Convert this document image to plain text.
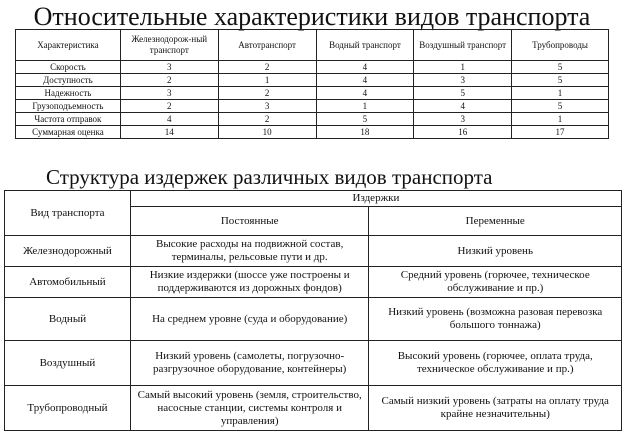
Относительные характеристики видов транспорта
Характеристика	Железнодорож-ный транспорт	Автотранспорт	Водный транспорт	Воздушный транспорт	Трубопроводы
Скорость	3	2	4	1	5
Доступность	2	1	4	3	5
Надежность	3	2	4	5	1
Грузоподъемность	2	3	1	4	5
Частота отправок	4	2	5	3	1
Суммарная оценка	14	10	18	16	17
Структура издержек различных видов транспорта
Вид транспорта	Издержки	
	Постоянные	Переменные
Железнодорожный	Высокие расходы на подвижной состав, терминалы, рельсовые пути и др.	Низкий уровень
Автомобильный	Низкие издержки (шоссе уже построены и поддерживаются из дорожных фондов)	Средний уровень (горючее, техническое обслуживание и пр.)
Водный	На среднем уровне (суда и оборудование)	Низкий уровень (возможна разовая перевозка большого тоннажа)
Воздушный	Низкий уровень (самолеты, погрузочно-разгрузочное оборудование, контейнеры)	Высокий уровень (горючее, оплата труда, техническое обслуживание и пр.)
Трубопроводный	Самый высокий уровень (земля, строительство, насосные станции, системы контроля и управления)	Самый низкий уровень (затраты на оплату труда крайне незначительны)
